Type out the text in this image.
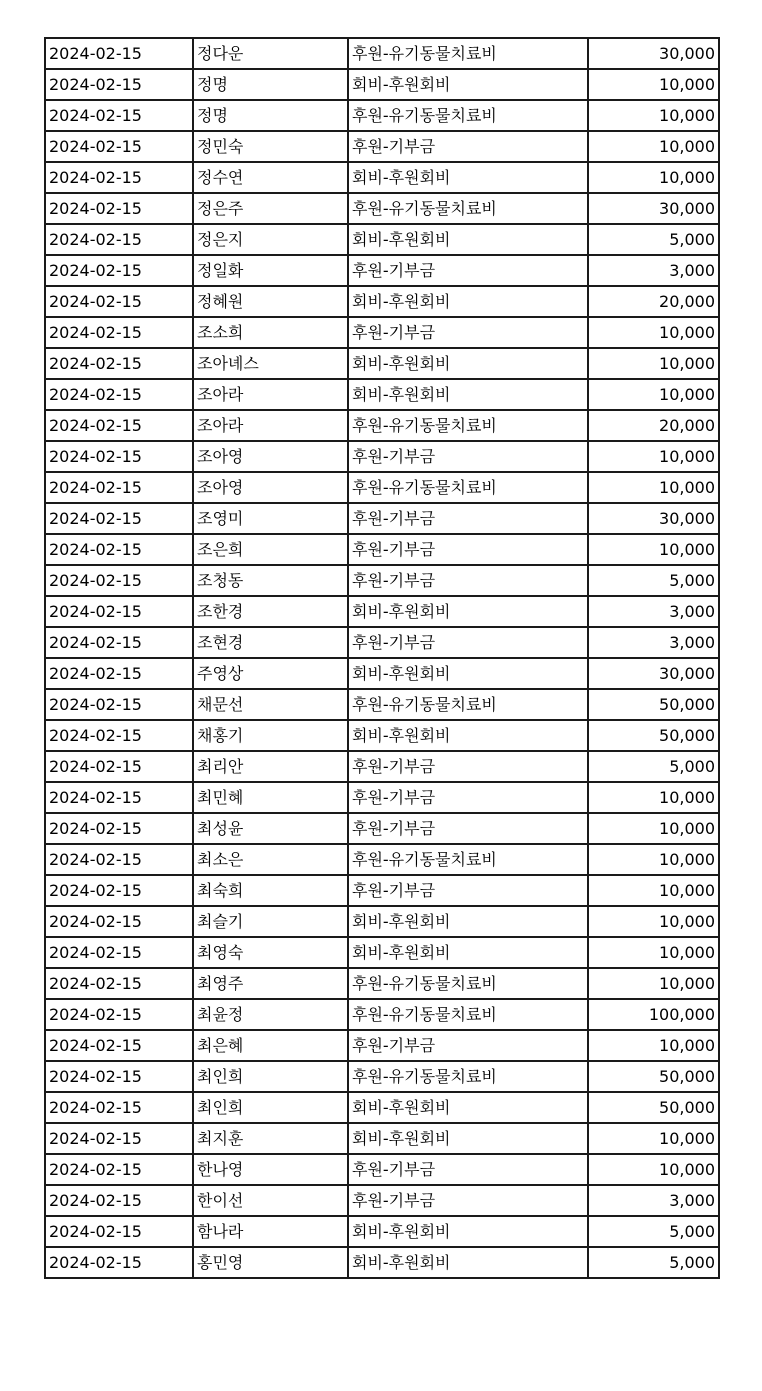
2024-02-15	정다운	후원-유기동물치료비	30,000
2024-02-15	정명	회비-후원회비	10,000
2024-02-15	정명	후원-유기동물치료비	10,000
2024-02-15	정민숙	후원-기부금	10,000
2024-02-15	정수연	회비-후원회비	10,000
2024-02-15	정은주	후원-유기동물치료비	30,000
2024-02-15	정은지	회비-후원회비	5,000
2024-02-15	정일화	후원-기부금	3,000
2024-02-15	정혜원	회비-후원회비	20,000
2024-02-15	조소희	후원-기부금	10,000
2024-02-15	조아녜스	회비-후원회비	10,000
2024-02-15	조아라	회비-후원회비	10,000
2024-02-15	조아라	후원-유기동물치료비	20,000
2024-02-15	조아영	후원-기부금	10,000
2024-02-15	조아영	후원-유기동물치료비	10,000
2024-02-15	조영미	후원-기부금	30,000
2024-02-15	조은희	후원-기부금	10,000
2024-02-15	조청동	후원-기부금	5,000
2024-02-15	조한경	회비-후원회비	3,000
2024-02-15	조현경	후원-기부금	3,000
2024-02-15	주영상	회비-후원회비	30,000
2024-02-15	채문선	후원-유기동물치료비	50,000
2024-02-15	채홍기	회비-후원회비	50,000
2024-02-15	최리안	후원-기부금	5,000
2024-02-15	최민혜	후원-기부금	10,000
2024-02-15	최성윤	후원-기부금	10,000
2024-02-15	최소은	후원-유기동물치료비	10,000
2024-02-15	최숙희	후원-기부금	10,000
2024-02-15	최슬기	회비-후원회비	10,000
2024-02-15	최영숙	회비-후원회비	10,000
2024-02-15	최영주	후원-유기동물치료비	10,000
2024-02-15	최윤정	후원-유기동물치료비	100,000
2024-02-15	최은혜	후원-기부금	10,000
2024-02-15	최인희	후원-유기동물치료비	50,000
2024-02-15	최인희	회비-후원회비	50,000
2024-02-15	최지훈	회비-후원회비	10,000
2024-02-15	한나영	후원-기부금	10,000
2024-02-15	한이선	후원-기부금	3,000
2024-02-15	함나라	회비-후원회비	5,000
2024-02-15	홍민영	회비-후원회비	5,000
